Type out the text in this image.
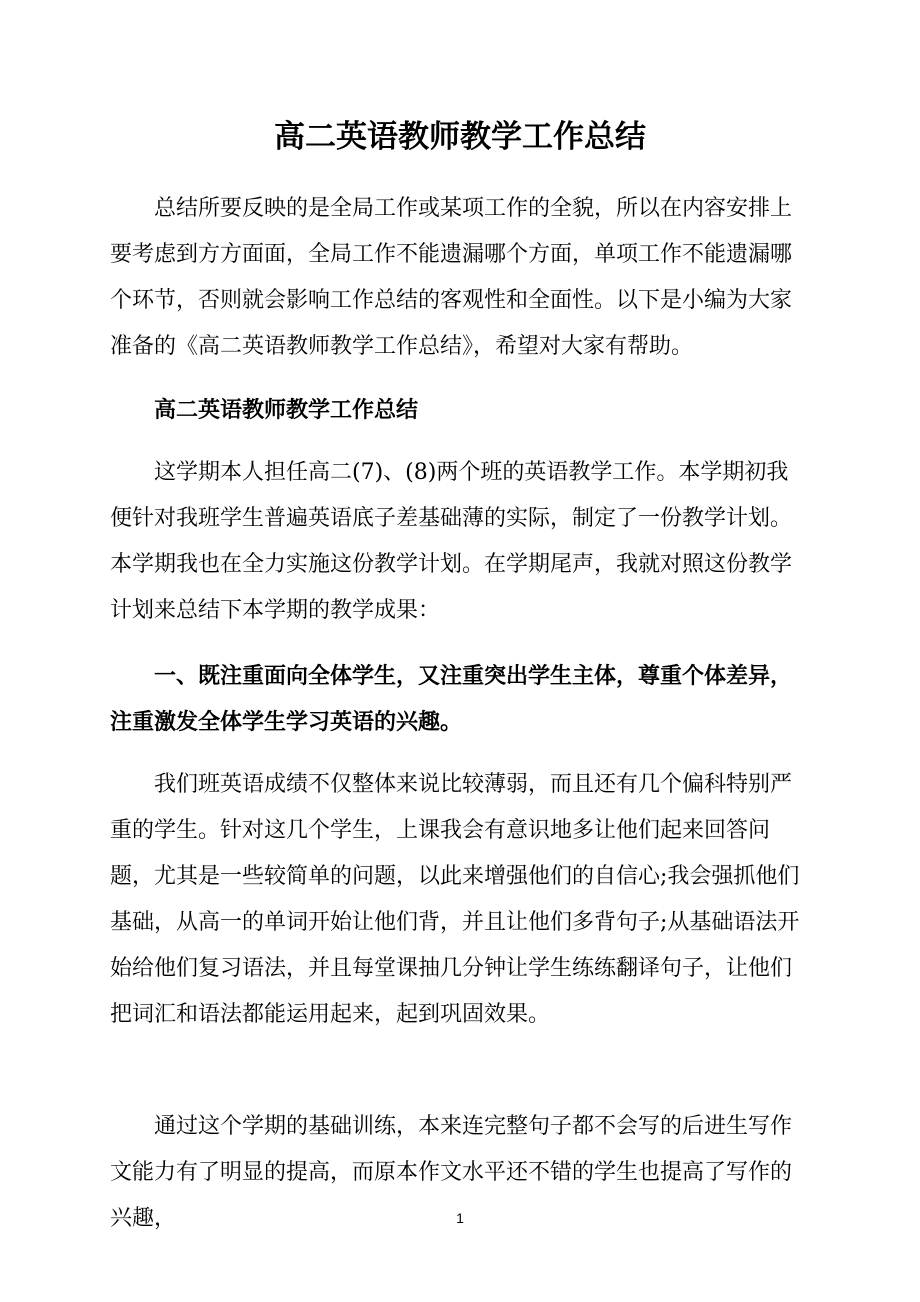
高二英语教师教学工作总结

总结所要反映的是全局工作或某项工作的全貌，所以在内容安排上要考虑到方方面面，全局工作不能遗漏哪个方面，单项工作不能遗漏哪个环节，否则就会影响工作总结的客观性和全面性。以下是小编为大家准备的《高二英语教师教学工作总结》，希望对大家有帮助。

高二英语教师教学工作总结

这学期本人担任高二(7)、(8)两个班的英语教学工作。本学期初我便针对我班学生普遍英语底子差基础薄的实际，制定了一份教学计划。本学期我也在全力实施这份教学计划。在学期尾声，我就对照这份教学计划来总结下本学期的教学成果：

一、既注重面向全体学生，又注重突出学生主体，尊重个体差异，注重激发全体学生学习英语的兴趣。

我们班英语成绩不仅整体来说比较薄弱，而且还有几个偏科特别严重的学生。针对这几个学生，上课我会有意识地多让他们起来回答问题，尤其是一些较简单的问题，以此来增强他们的自信心;我会强抓他们基础，从高一的单词开始让他们背，并且让他们多背句子;从基础语法开始给他们复习语法，并且每堂课抽几分钟让学生练练翻译句子，让他们把词汇和语法都能运用起来，起到巩固效果。

通过这个学期的基础训练，本来连完整句子都不会写的后进生写作文能力有了明显的提高，而原本作文水平还不错的学生也提高了写作的兴趣，	1
